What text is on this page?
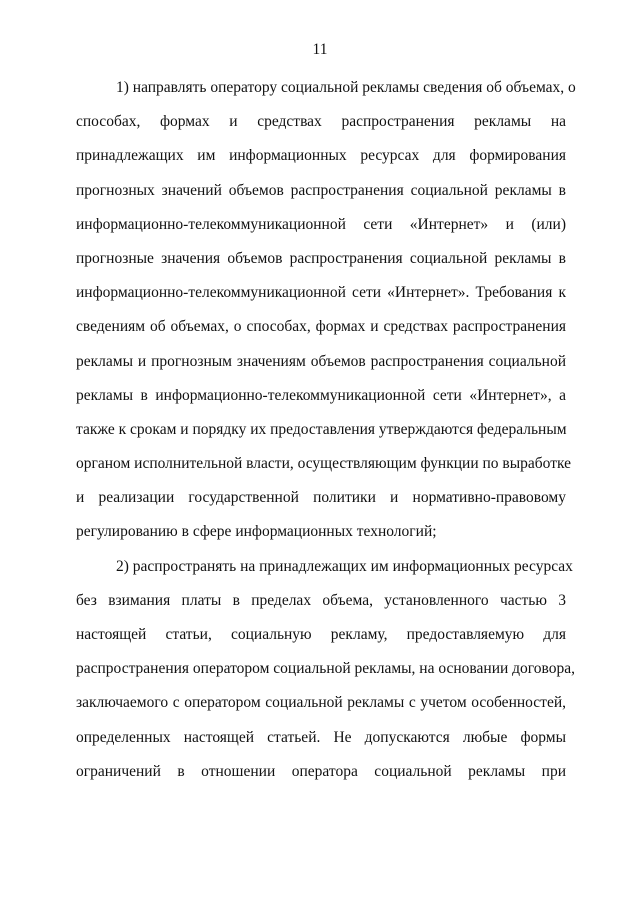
11
1) направлять оператору социальной рекламы сведения об объемах, о
способах, формах и средствах распространения рекламы на
принадлежащих им информационных ресурсах для формирования
прогнозных значений объемов распространения социальной рекламы в
информационно-телекоммуникационной сети «Интернет» и (или)
прогнозные значения объемов распространения социальной рекламы в
информационно-телекоммуникационной сети «Интернет». Требования к
сведениям об объемах, о способах, формах и средствах распространения
рекламы и прогнозным значениям объемов распространения социальной
рекламы в информационно-телекоммуникационной сети «Интернет», а
также к срокам и порядку их предоставления утверждаются федеральным
органом исполнительной власти, осуществляющим функции по выработке
и реализации государственной политики и нормативно-правовому
регулированию в сфере информационных технологий;
2) распространять на принадлежащих им информационных ресурсах
без взимания платы в пределах объема, установленного частью 3
настоящей статьи, социальную рекламу, предоставляемую для
распространения оператором социальной рекламы, на основании договора,
заключаемого с оператором социальной рекламы с учетом особенностей,
определенных настоящей статьей. Не допускаются любые формы
ограничений в отношении оператора социальной рекламы при
